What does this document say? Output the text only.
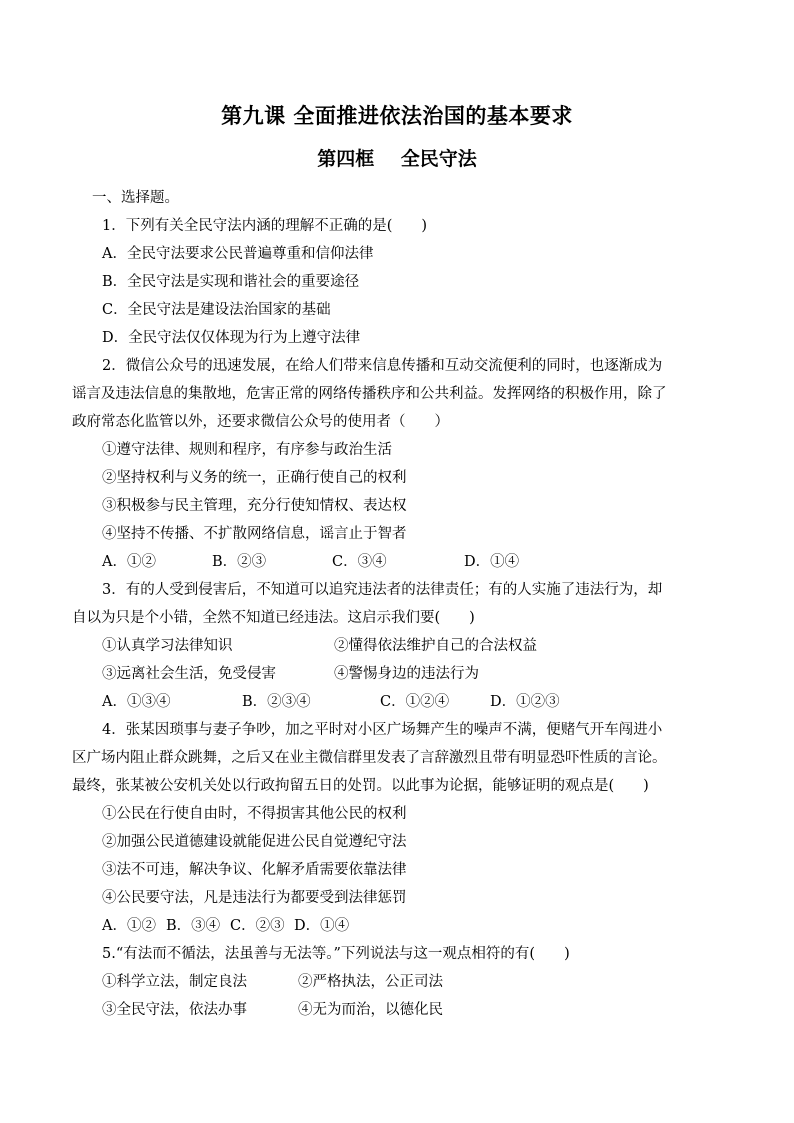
第九课 全面推进依法治国的基本要求
第四框    全民守法
一、选择题。
1．下列有关全民守法内涵的理解不正确的是(　　)
A．全民守法要求公民普遍尊重和信仰法律
B．全民守法是实现和谐社会的重要途径
C．全民守法是建设法治国家的基础
D．全民守法仅仅体现为行为上遵守法律
2．微信公众号的迅速发展，在给人们带来信息传播和互动交流便利的同时，也逐渐成为
谣言及违法信息的集散地，危害正常的网络传播秩序和公共利益。发挥网络的积极作用，除了
政府常态化监管以外，还要求微信公众号的使用者（　　）
①遵守法律、规则和程序，有序参与政治生活
②坚持权利与义务的统一，正确行使自己的权利
③积极参与民主管理，充分行使知情权、表达权
④坚持不传播、不扩散网络信息，谣言止于智者
A．①②	B．②③	C．③④	D．①④
3．有的人受到侵害后，不知道可以追究违法者的法律责任；有的人实施了违法行为，却
自以为只是个小错，全然不知道已经违法。这启示我们要(　　)
①认真学习法律知识	②懂得依法维护自己的合法权益
③远离社会生活，免受侵害	④警惕身边的违法行为
A．①③④	B．②③④	C．①②④	D．①②③
4．张某因琐事与妻子争吵，加之平时对小区广场舞产生的噪声不满，便赌气开车闯进小
区广场内阻止群众跳舞，之后又在业主微信群里发表了言辞激烈且带有明显恐吓性质的言论。
最终，张某被公安机关处以行政拘留五日的处罚。以此事为论据，能够证明的观点是(　　)
①公民在行使自由时，不得损害其他公民的权利
②加强公民道德建设就能促进公民自觉遵纪守法
③法不可违，解决争议、化解矛盾需要依靠法律
④公民要守法，凡是违法行为都要受到法律惩罚
A．①② B．③④ C．②③ D．①④
5.“有法而不循法，法虽善与无法等。”下列说法与这一观点相符的有(　　)
①科学立法，制定良法	②严格执法，公正司法
③全民守法，依法办事	④无为而治，以德化民
